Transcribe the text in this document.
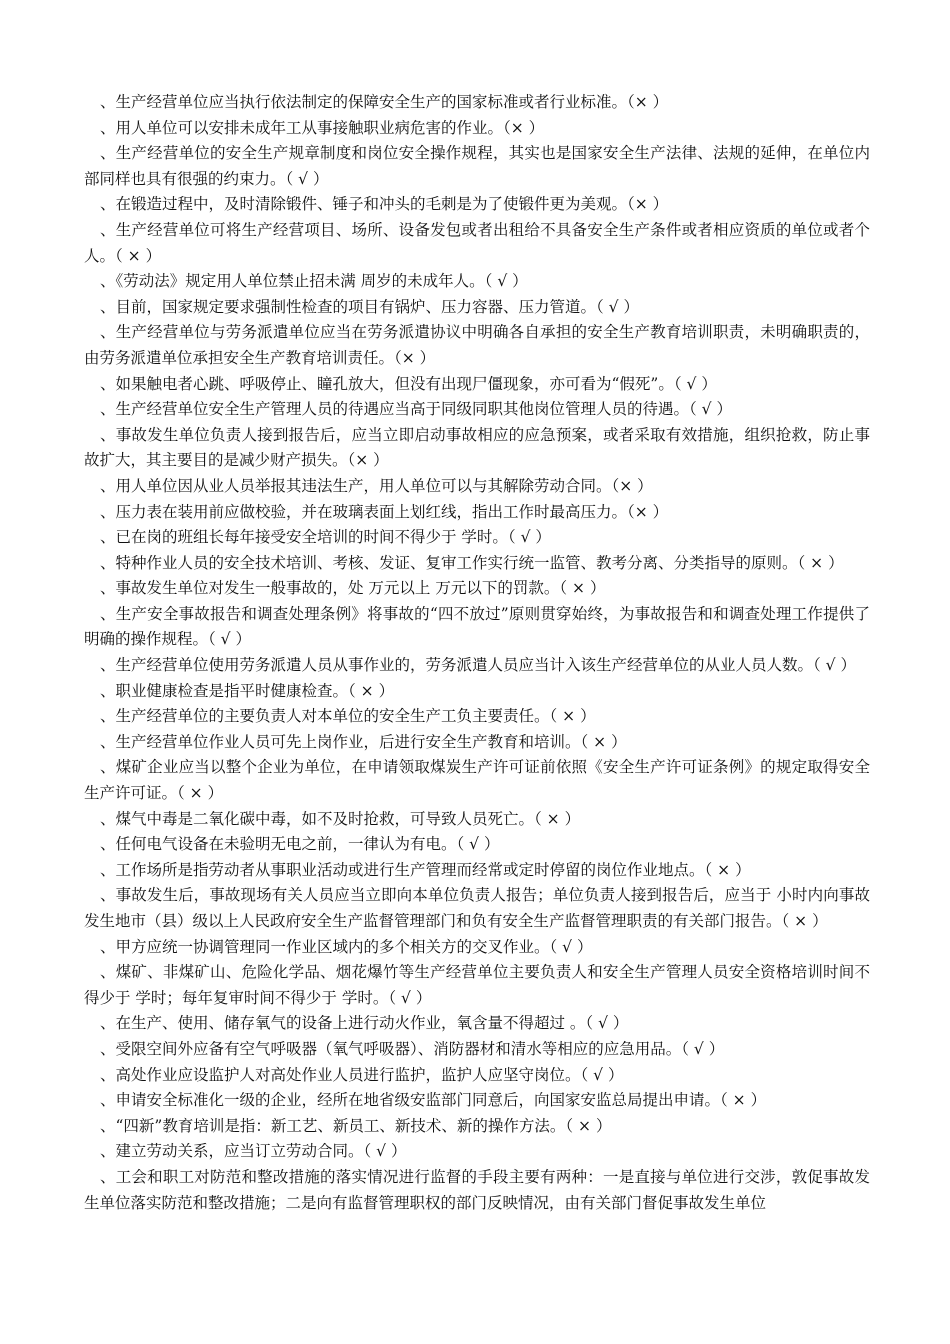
、生产经营单位应当执行依法制定的保障安全生产的国家标准或者行业标准。（× ）

、用人单位可以安排未成年工从事接触职业病危害的作业。（× ）

、生产经营单位的安全生产规章制度和岗位安全操作规程，其实也是国家安全生产法律、法规的延伸，在单位内部同样也具有很强的约束力。（ √ ）

、在锻造过程中，及时清除锻件、锤子和冲头的毛刺是为了使锻件更为美观。（× ）

、生产经营单位可将生产经营项目、场所、设备发包或者出租给不具备安全生产条件或者相应资质的单位或者个人。（ × ）

、《劳动法》规定用人单位禁止招未满 周岁的未成年人。（ √ ）

、目前，国家规定要求强制性检查的项目有锅炉、压力容器、压力管道。（ √ ）

、生产经营单位与劳务派遣单位应当在劳务派遣协议中明确各自承担的安全生产教育培训职责，未明确职责的，由劳务派遣单位承担安全生产教育培训责任。（× ）

、如果触电者心跳、呼吸停止、瞳孔放大，但没有出现尸僵现象，亦可看为“假死”。（ √ ）

、生产经营单位安全生产管理人员的待遇应当高于同级同职其他岗位管理人员的待遇。（ √ ）

、事故发生单位负责人接到报告后，应当立即启动事故相应的应急预案，或者采取有效措施，组织抢救，防止事故扩大，其主要目的是减少财产损失。（× ）

、用人单位因从业人员举报其违法生产，用人单位可以与其解除劳动合同。（× ）

、压力表在装用前应做校验，并在玻璃表面上划红线，指出工作时最高压力。（× ）

、已在岗的班组长每年接受安全培训的时间不得少于 学时。（ √ ）

、特种作业人员的安全技术培训、考核、发证、复审工作实行统一监管、教考分离、分类指导的原则。（ × ）

、事故发生单位对发生一般事故的，处 万元以上 万元以下的罚款。（ × ）

、生产安全事故报告和调查处理条例》将事故的“四不放过”原则贯穿始终，为事故报告和和调查处理工作提供了明确的操作规程。（ √ ）

、生产经营单位使用劳务派遣人员从事作业的，劳务派遣人员应当计入该生产经营单位的从业人员人数。（ √ ）

、职业健康检查是指平时健康检查。（ × ）

、生产经营单位的主要负责人对本单位的安全生产工负主要责任。（ × ）

、生产经营单位作业人员可先上岗作业，后进行安全生产教育和培训。（ × ）

、煤矿企业应当以整个企业为单位，在申请领取煤炭生产许可证前依照《安全生产许可证条例》的规定取得安全生产许可证。（ × ）

、煤气中毒是二氧化碳中毒，如不及时抢救，可导致人员死亡。（ × ）

、任何电气设备在未验明无电之前，一律认为有电。（ √ ）

、工作场所是指劳动者从事职业活动或进行生产管理而经常或定时停留的岗位作业地点。（ × ）

、事故发生后，事故现场有关人员应当立即向本单位负责人报告；单位负责人接到报告后，应当于 小时内向事故发生地市（县）级以上人民政府安全生产监督管理部门和负有安全生产监督管理职责的有关部门报告。（ × ）

、甲方应统一协调管理同一作业区域内的多个相关方的交叉作业。（ √ ）

、煤矿、非煤矿山、危险化学品、烟花爆竹等生产经营单位主要负责人和安全生产管理人员安全资格培训时间不得少于 学时；每年复审时间不得少于 学时。（ √ ）

、在生产、使用、储存氧气的设备上进行动火作业，氧含量不得超过 。（ √ ）

、受限空间外应备有空气呼吸器（氧气呼吸器）、消防器材和清水等相应的应急用品。（ √ ）

、高处作业应设监护人对高处作业人员进行监护，监护人应坚守岗位。（ √ ）

、申请安全标准化一级的企业，经所在地省级安监部门同意后，向国家安监总局提出申请。（ × ）

、“四新”教育培训是指：新工艺、新员工、新技术、新的操作方法。（ × ）

、建立劳动关系，应当订立劳动合同。（ √ ）

、工会和职工对防范和整改措施的落实情况进行监督的手段主要有两种：一是直接与单位进行交涉，敦促事故发生单位落实防范和整改措施；二是向有监督管理职权的部门反映情况，由有关部门督促事故发生单位
